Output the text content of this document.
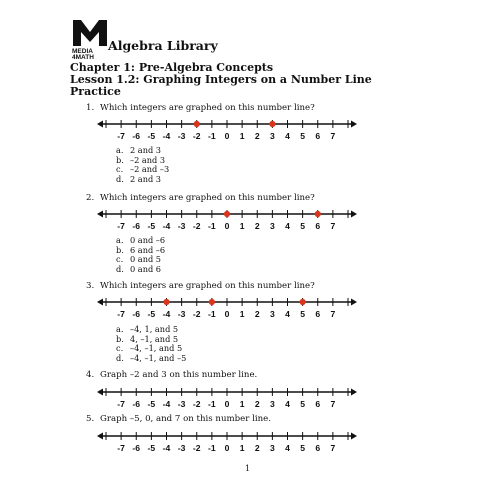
MEDIA
4MATH
Algebra Library
Chapter 1: Pre-Algebra Concepts
Lesson 1.2: Graphing Integers on a Number Line
Practice
1. Which integers are graphed on this number line?
-7 -6 -5 -4 -3 -2 -1 0 1 2 3 4 5 6 7
a. 2 and 3
b. –2 and 3
c. –2 and –3
d. 2 and 3
2. Which integers are graphed on this number line?
-7 -6 -5 -4 -3 -2 -1 0 1 2 3 4 5 6 7
a. 0 and –6
b. 6 and –6
c. 0 and 5
d. 0 and 6
3. Which integers are graphed on this number line?
-7 -6 -5 -4 -3 -2 -1 0 1 2 3 4 5 6 7
a. –4, 1, and 5
b. 4, –1, and 5
c. –4, –1, and 5
d. –4, –1, and –5
4. Graph –2 and 3 on this number line.
-7 -6 -5 -4 -3 -2 -1 0 1 2 3 4 5 6 7
5. Graph –5, 0, and 7 on this number line.
-7 -6 -5 -4 -3 -2 -1 0 1 2 3 4 5 6 7
1
